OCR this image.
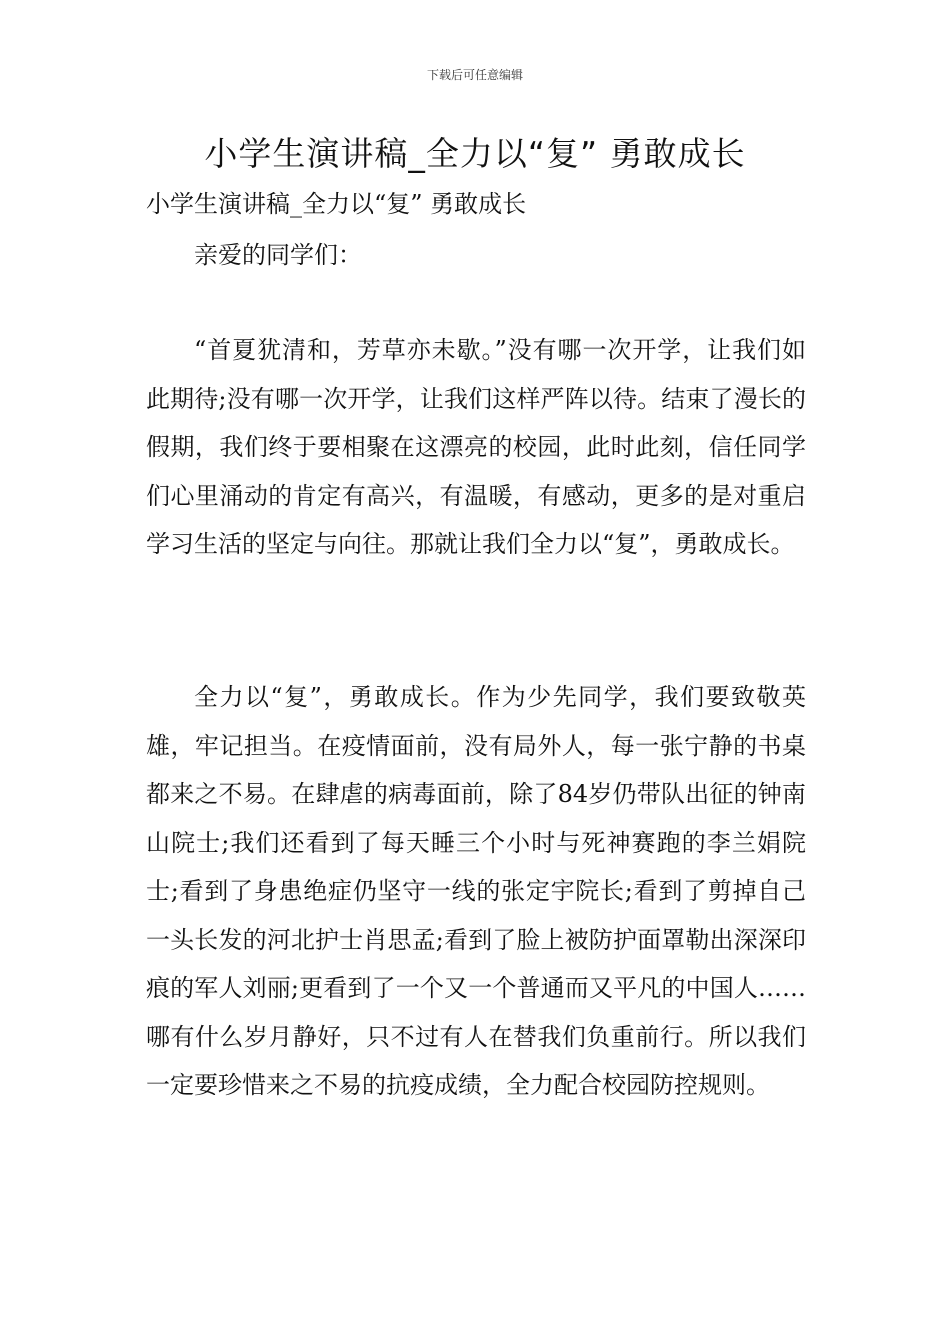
下载后可任意编辑
小学生演讲稿_全力以“复” 勇敢成长
小学生演讲稿_全力以“复” 勇敢成长
亲爱的同学们：

“首夏犹清和，芳草亦未歇。”没有哪一次开学，让我们如此期待;没有哪一次开学，让我们这样严阵以待。结束了漫长的假期，我们终于要相聚在这漂亮的校园，此时此刻，信任同学们心里涌动的肯定有高兴，有温暖，有感动，更多的是对重启学习生活的坚定与向往。那就让我们全力以“复”，勇敢成长。

全力以“复”，勇敢成长。作为少先同学，我们要致敬英雄，牢记担当。在疫情面前，没有局外人，每一张宁静的书桌都来之不易。在肆虐的病毒面前，除了84岁仍带队出征的钟南山院士;我们还看到了每天睡三个小时与死神赛跑的李兰娟院士;看到了身患绝症仍坚守一线的张定宇院长;看到了剪掉自己一头长发的河北护士肖思孟;看到了脸上被防护面罩勒出深深印痕的军人刘丽;更看到了一个又一个普通而又平凡的中国人……哪有什么岁月静好，只不过有人在替我们负重前行。所以我们一定要珍惜来之不易的抗疫成绩，全力配合校园防控规则。
